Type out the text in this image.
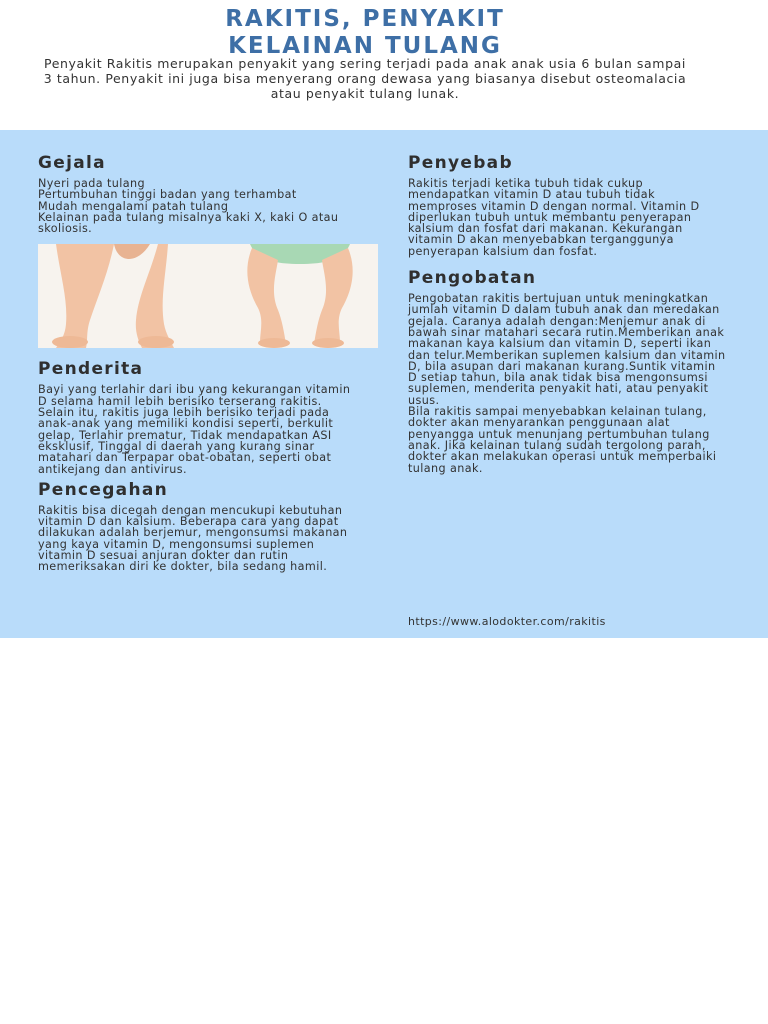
RAKITIS, PENYAKIT
KELAINAN TULANG

Penyakit Rakitis merupakan penyakit yang sering terjadi pada anak anak usia 6 bulan sampai 3 tahun. Penyakit ini juga bisa menyerang orang dewasa yang biasanya disebut osteomalacia atau penyakit tulang lunak.

Gejala

Nyeri pada tulang
Pertumbuhan tinggi badan yang terhambat
Mudah mengalami patah tulang
Kelainan pada tulang misalnya kaki X, kaki O atau skoliosis.

Penderita

Bayi yang terlahir dari ibu yang kekurangan vitamin D selama hamil lebih berisiko terserang rakitis. Selain itu, rakitis juga lebih berisiko terjadi pada anak-anak yang memiliki kondisi seperti, berkulit gelap, Terlahir prematur, Tidak mendapatkan ASI eksklusif, Tinggal di daerah yang kurang sinar matahari dan Terpapar obat-obatan, seperti obat antikejang dan antivirus.

Pencegahan

Rakitis bisa dicegah dengan mencukupi kebutuhan vitamin D dan kalsium. Beberapa cara yang dapat dilakukan adalah berjemur, mengonsumsi makanan yang kaya vitamin D, mengonsumsi suplemen vitamin D sesuai anjuran dokter dan rutin memeriksakan diri ke dokter, bila sedang hamil.

Penyebab

Rakitis terjadi ketika tubuh tidak cukup mendapatkan vitamin D atau tubuh tidak memproses vitamin D dengan normal. Vitamin D diperlukan tubuh untuk membantu penyerapan kalsium dan fosfat dari makanan. Kekurangan vitamin D akan menyebabkan terganggunya penyerapan kalsium dan fosfat.

Pengobatan

Pengobatan rakitis bertujuan untuk meningkatkan jumlah vitamin D dalam tubuh anak dan meredakan gejala. Caranya adalah dengan:Menjemur anak di bawah sinar matahari secara rutin.Memberikan anak makanan kaya kalsium dan vitamin D, seperti ikan dan telur.Memberikan suplemen kalsium dan vitamin D, bila asupan dari makanan kurang.Suntik vitamin D setiap tahun, bila anak tidak bisa mengonsumsi suplemen, menderita penyakit hati, atau penyakit usus.
Bila rakitis sampai menyebabkan kelainan tulang, dokter akan menyarankan penggunaan alat penyangga untuk menunjang pertumbuhan tulang anak. Jika kelainan tulang sudah tergolong parah, dokter akan melakukan operasi untuk memperbaiki tulang anak.

https://www.alodokter.com/rakitis
One of the largest collections of
Impressionist paintings is found
at the Art Institute of Chicago.
At 23.5 miles, Chicago's
Western Avenue is the world's
longest continuous street.
